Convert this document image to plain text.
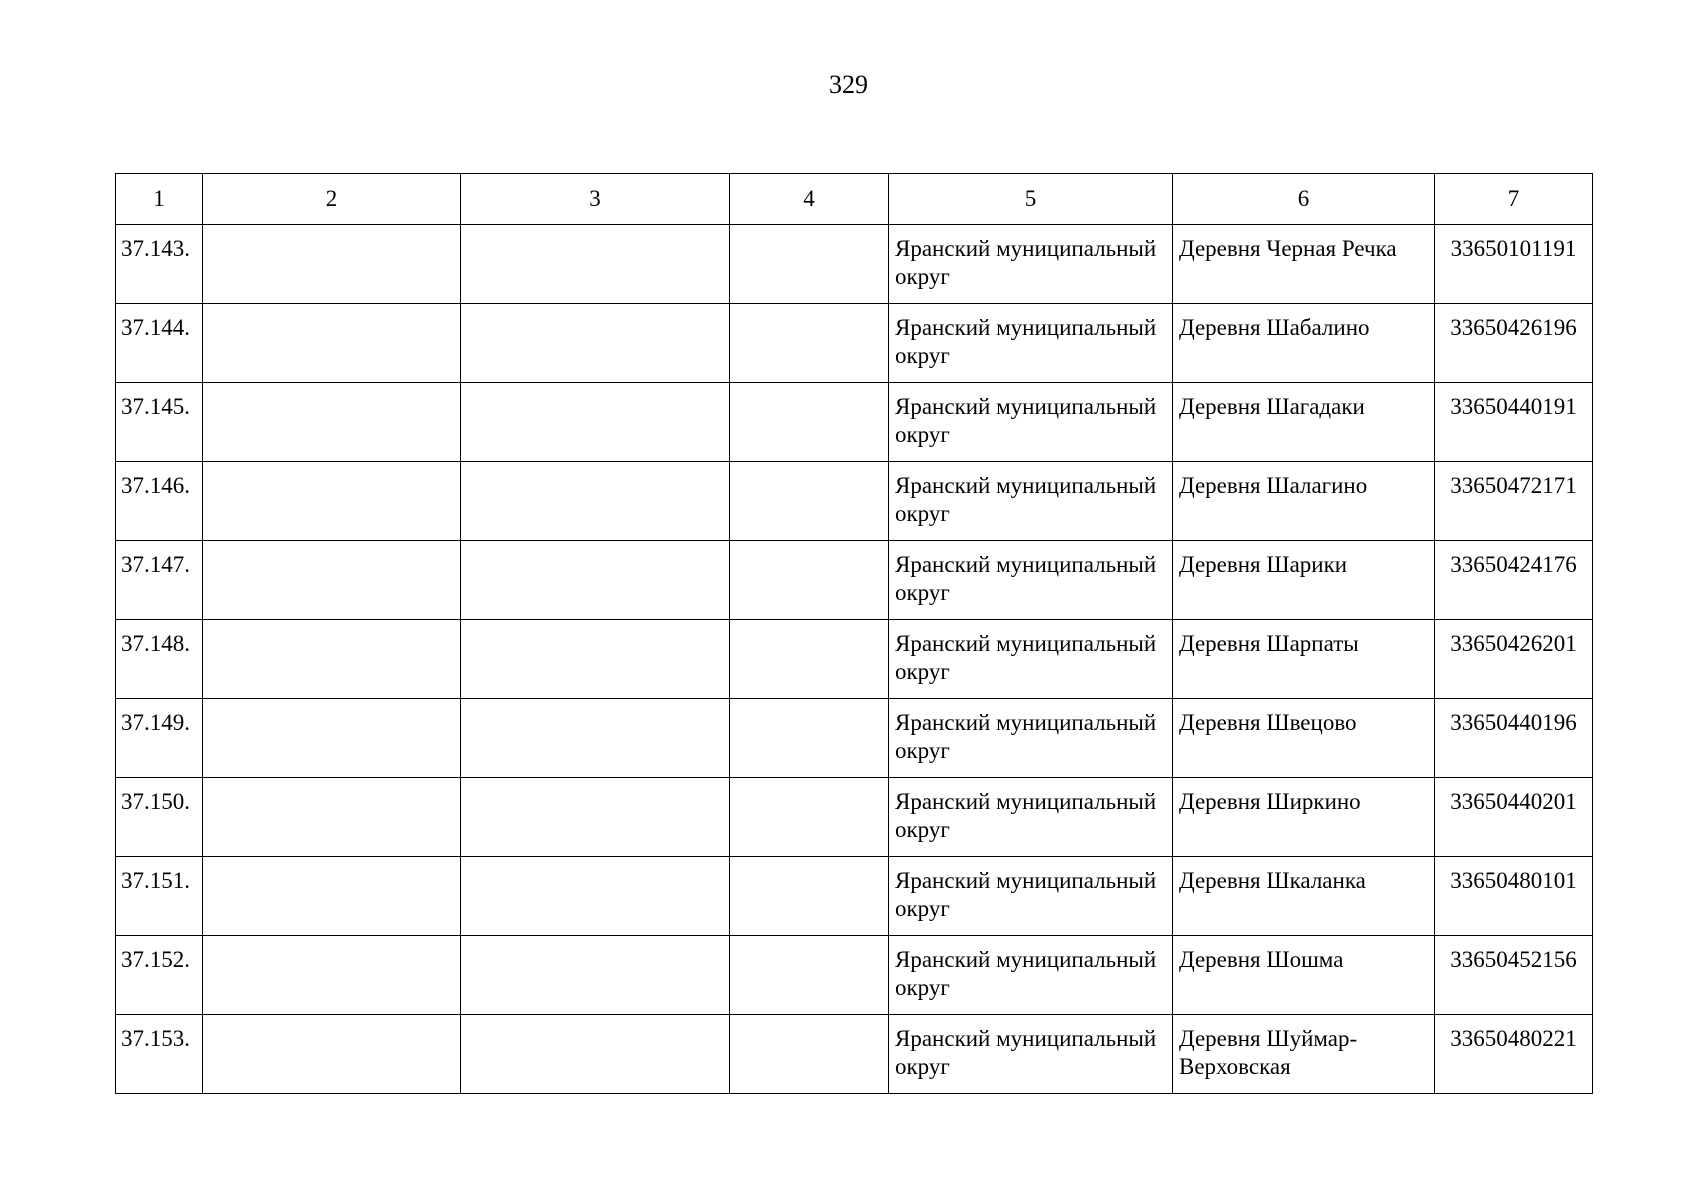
329
1	2	3	4	5	6	7

37.143.				Яранский муниципальный округ	Деревня Черная Речка	33650101191

37.144.				Яранский муниципальный округ	Деревня Шабалино	33650426196

37.145.				Яранский муниципальный округ	Деревня Шагадаки	33650440191

37.146.				Яранский муниципальный округ	Деревня Шалагино	33650472171

37.147.				Яранский муниципальный округ	Деревня Шарики	33650424176

37.148.				Яранский муниципальный округ	Деревня Шарпаты	33650426201

37.149.				Яранский муниципальный округ	Деревня Швецово	33650440196

37.150.				Яранский муниципальный округ	Деревня Ширкино	33650440201

37.151.				Яранский муниципальный округ	Деревня Шкаланка	33650480101

37.152.				Яранский муниципальный округ	Деревня Шошма	33650452156

37.153.				Яранский муниципальный округ	Деревня Шуймар-Верховская	33650480221
